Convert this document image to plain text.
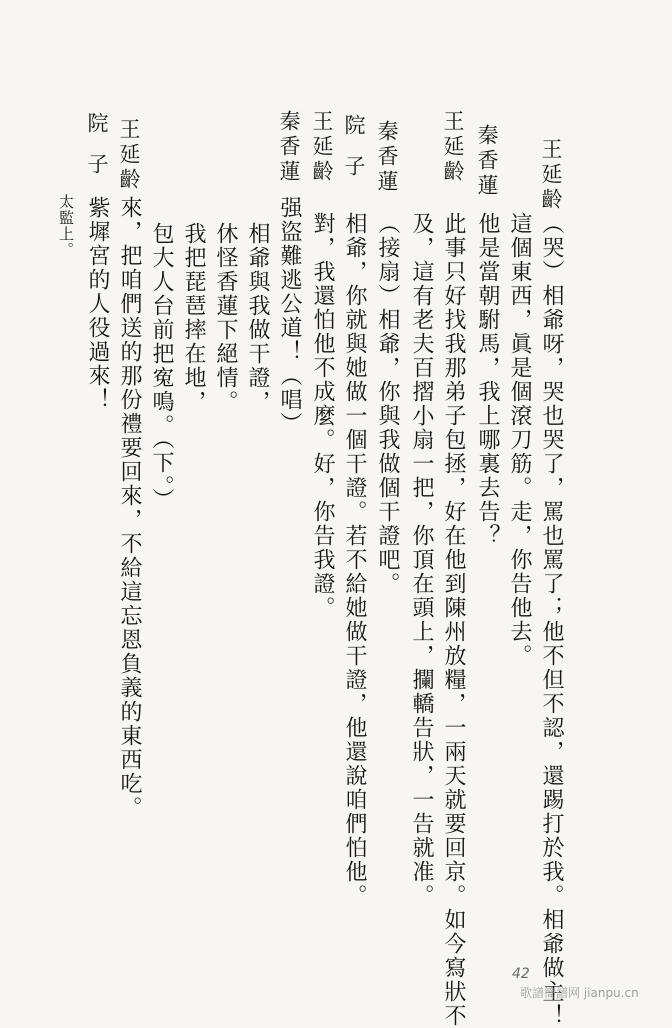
王延齡
（哭）相爺呀，哭也哭了，罵也罵了；他不但不認，還踢打於我。相爺做主！
這個東西，眞是個滾刀筋。走，你告他去。
秦香蓮
他是當朝駙馬，我上哪裏去告？
王延齡
此事只好找我那弟子包拯，好在他到陳州放糧，一兩天就要回京。如今寫狀不
及，這有老夫百摺小扇一把，你頂在頭上，攔轎告狀，一告就准。
秦香蓮
（接扇）相爺，你與我做個干證吧。
院子
相爺，你就與她做一個干證。若不給她做干證，他還說咱們怕他。
王延齡
對，我還怕他不成麼。好，你告我證。
秦香蓮
强盜難逃公道！（唱）
相爺與我做干證，
休怪香蓮下絕情。
我把琵琶摔在地，
包大人台前把寃鳴。（下。）
王延齡
來，把咱們送的那份禮要回來，不給這忘恩負義的東西吃。
院子
紫墀宮的人役過來！
太監上。
42
歌譜簡譜网 jianpu.cn
